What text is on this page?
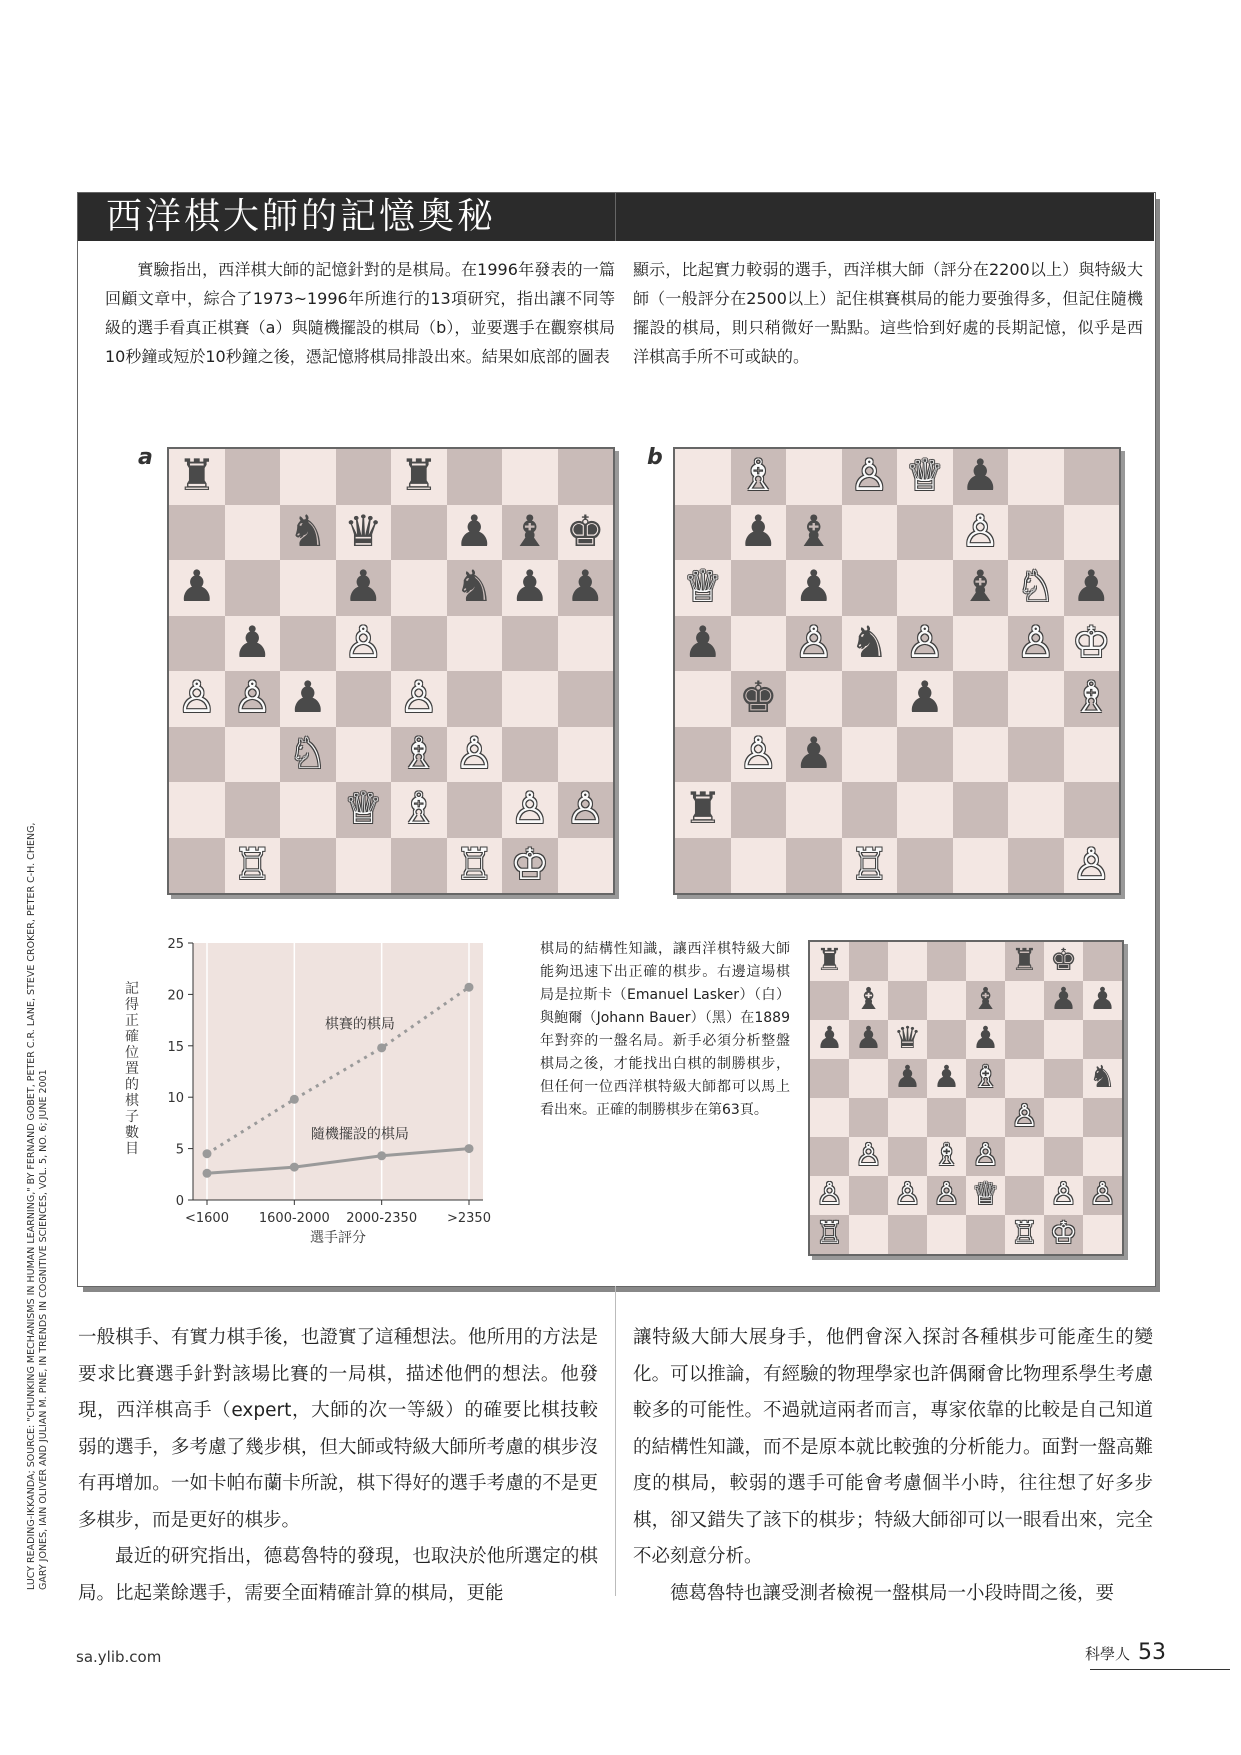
西洋棋大師的記憶奧秘
　　實驗指出，西洋棋大師的記憶針對的是棋局。在1996年發表的一篇回顧文章中，綜合了1973~1996年所進行的13項研究，指出讓不同等級的選手看真正棋賽（a）與隨機擺設的棋局（b），並要選手在觀察棋局10秒鐘或短於10秒鐘之後，憑記憶將棋局排設出來。結果如底部的圖表
顯示，比起實力較弱的選手，西洋棋大師（評分在2200以上）與特級大師（一般評分在2500以上）記住棋賽棋局的能力要強得多，但記住隨機擺設的棋局，則只稍微好一點點。這些恰到好處的長期記憶，似乎是西洋棋高手所不可或缺的。
a ♜	♜
♞ ♛ ♟ ♝ ♚
♟	♟ ♞ ♟ ♟
♟ ♙
♙ ♙ ♟ ♙
♘ ♗ ♙
♕ ♗ ♙ ♙
♖	♖ ♔
b ♗ ♙ ♕ ♟
♟ ♝	♙
♕ ♟	♝ ♘ ♟
♟ ♙ ♞ ♙ ♙ ♔
♚	♟	♗
♙ ♟
♜
♖	♙
0
5
10
15
20
25
<1600 1600-2000 2000-2350 >2350
選手評分
記得正確位置的棋子數目
棋賽的棋局
隨機擺設的棋局
棋局的結構性知識，讓西洋棋特級大師能夠迅速下出正確的棋步。右邊這場棋局是拉斯卡（Emanuel Lasker）（白）與鮑爾（Johann Bauer）（黑）在1889年對弈的一盤名局。新手必須分析整盤棋局之後，才能找出白棋的制勝棋步，但任何一位西洋棋特級大師都可以馬上看出來。正確的制勝棋步在第63頁。
♜	♜ ♚
♝	♝ ♟ ♟
♟ ♟ ♛ ♟
♟ ♟ ♗	♞
♙
♙ ♗ ♙
♙ ♙ ♙ ♕ ♙ ♙
♖	♖ ♔
一般棋手、有實力棋手後，也證實了這種想法。他所用的方法是要求比賽選手針對該場比賽的一局棋，描述他們的想法。他發現，西洋棋高手（expert，大師的次一等級）的確要比棋技較弱的選手，多考慮了幾步棋，但大師或特級大師所考慮的棋步沒有再增加。一如卡帕布蘭卡所說，棋下得好的選手考慮的不是更多棋步，而是更好的棋步。
　　最近的研究指出，德葛魯特的發現，也取決於他所選定的棋局。比起業餘選手，需要全面精確計算的棋局，更能
讓特級大師大展身手，他們會深入探討各種棋步可能產生的變化。可以推論，有經驗的物理學家也許偶爾會比物理系學生考慮較多的可能性。不過就這兩者而言，專家依靠的比較是自己知道的結構性知識，而不是原本就比較強的分析能力。面對一盤高難度的棋局，較弱的選手可能會考慮個半小時，往往想了好多步棋，卻又錯失了該下的棋步；特級大師卻可以一眼看出來，完全不必刻意分析。
　　德葛魯特也讓受測者檢視一盤棋局一小段時間之後，要
LUCY READING-IKKANDA; SOURCE: "CHUNKING MECHANISMS IN HUMAN LEARNING," BY FERNAND GOBET, PETER C.R. LANE, STEVE CROKER, PETER C-H. CHENG, GARY JONES, IAIN OLIVER AND JULIAN M. PINE, IN TRENDS IN COGNITIVE SCIENCES, VOL. 5, NO. 6; JUNE 2001
sa.ylib.com	科學人 53
